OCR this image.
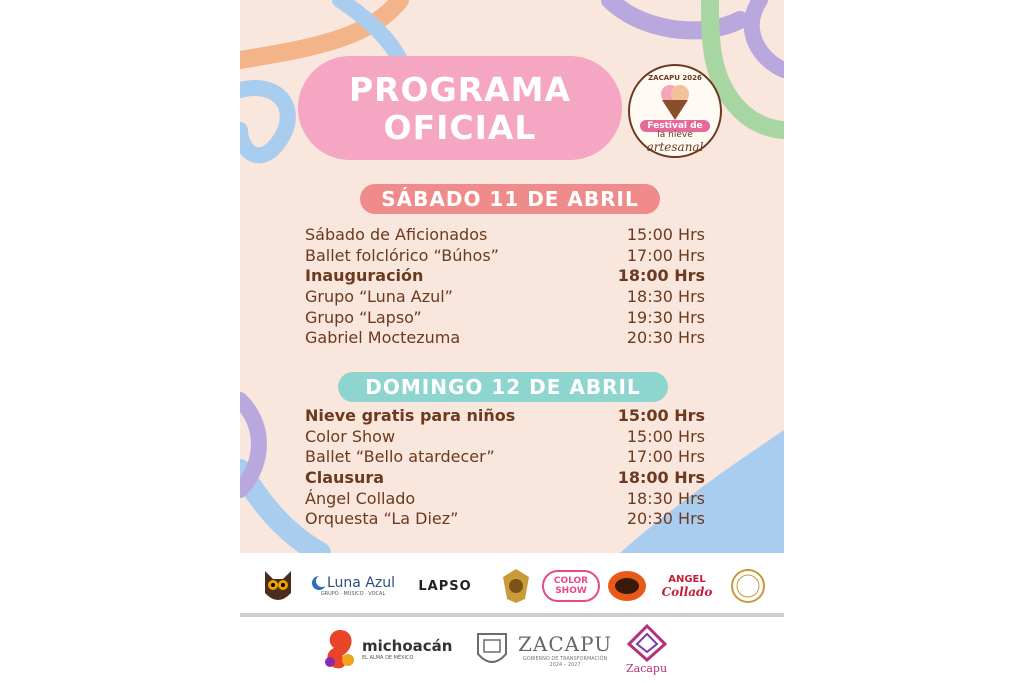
PROGRAMA
OFICIAL
ZACAPU 2026
Festival de
la nieve
artesanal
SÁBADO 11 DE ABRIL
Sábado de Aficionados	15:00 Hrs
Ballet folclórico “Búhos”	17:00 Hrs
Inauguración	18:00 Hrs
Grupo “Luna Azul”	18:30 Hrs
Grupo “Lapso”	19:30 Hrs
Gabriel Moctezuma	20:30 Hrs
DOMINGO 12 DE ABRIL
Nieve gratis para niños	15:00 Hrs
Color Show	15:00 Hrs
Ballet “Bello atardecer”	17:00 Hrs
Clausura	18:00 Hrs
Ángel Collado	18:30 Hrs
Orquesta “La Diez”	20:30 Hrs
Luna Azul
GRUPO · MÚSICO · VOCAL
LAPSO	COLOR SHOW
ANGEL
Collado
michoacán
EL ALMA DE MÉXICO
ZACAPU
GOBIERNO DE TRANSFORMACIÓN
2024 – 2027	Zacapu
